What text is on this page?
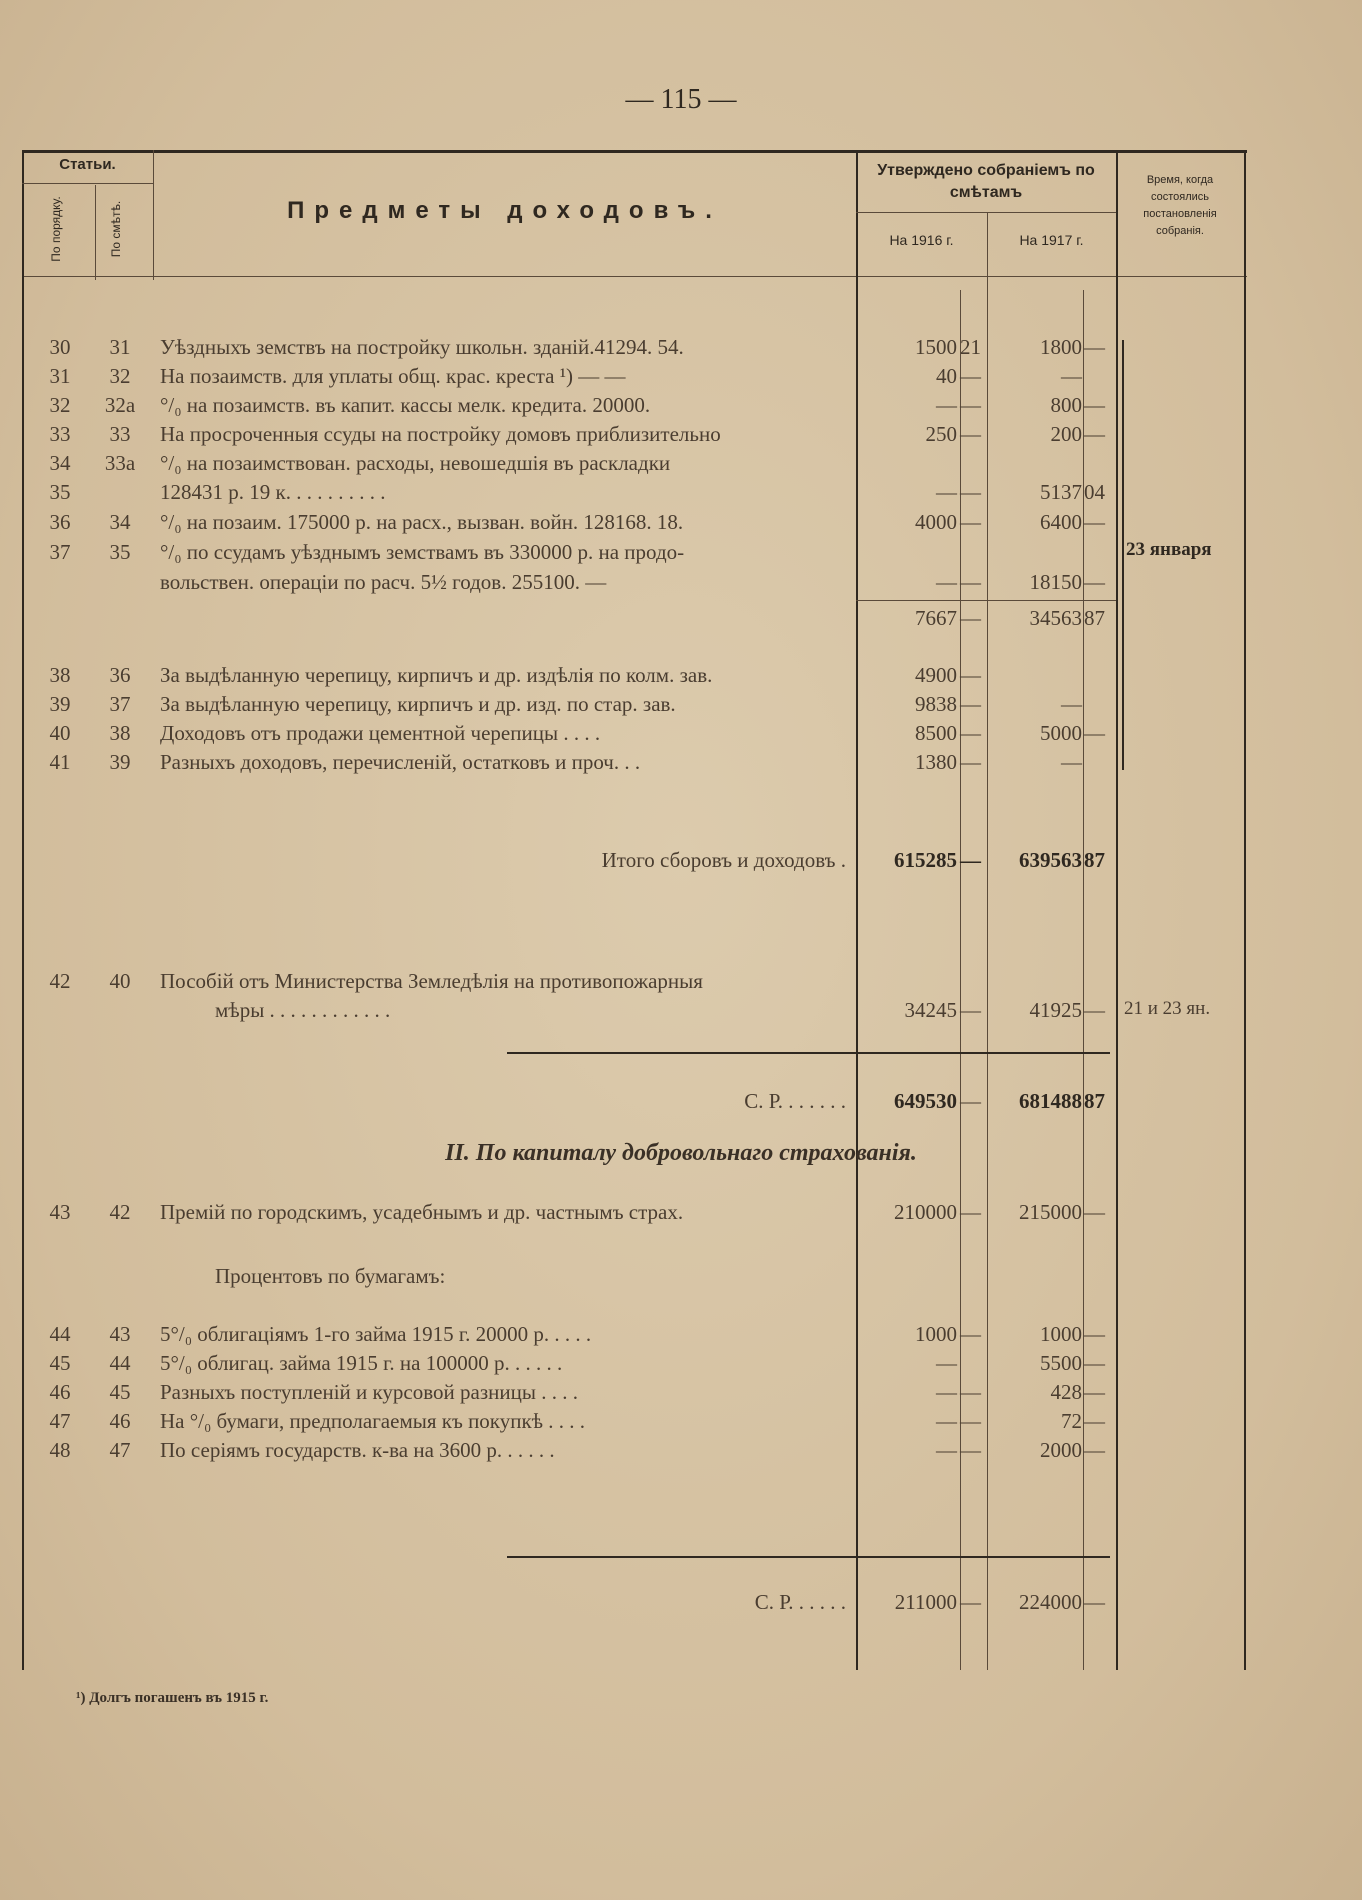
— 115 —
Статьи.
По порядку.	По смѣтѣ.	Предметы доходовъ.
Утверждено собраніемъ по смѣтамъ
На 1916 г.	На 1917 г.
Время, когда состоялись постановленія собранія.
30	31	Уѣздныхъ земствъ на постройку школьн. зданій.41294. 54.	1500 21	1800 —
31	32	На позаимств. для уплаты общ. крас. креста ¹) — —	40 —	—
32	32а	°/₀ на позаимств. въ капит. кассы мелк. кредита. 20000.	— —	800 —
33	33	На просроченныя ссуды на постройку домовъ приблизительно	250 —	200 —
34	33а	°/₀ на позаимствован. расходы, невошедшія въ раскладки
35	128431 р. 19 к. . . . . . . . . .	— —	5137 04
36	34	°/₀ на позаим. 175000 р. на расх., вызван. войн. 128168. 18.	4000 —	6400 —
37	35	°/₀ по ссудамъ уѣзднымъ земствамъ въ 330000 р. на продо-
вольствен. операціи по расч. 5½ годов. 255100. —	— —	18150 —
7667 —	34563 87
38	36	За выдѣланную черепицу, кирпичъ и др. издѣлія по колм. зав.	4900 —
39	37	За выдѣланную черепицу, кирпичъ и др. изд. по стар. зав.	9838 —	—
40	38	Доходовъ отъ продажи цементной черепицы . . . .	8500 —	5000 —
41	39	Разныхъ доходовъ, перечисленій, остатковъ и проч. . .	1380 —	—
23 января
Итого сборовъ и доходовъ .	615285 —	639563 87
42	40	Пособій отъ Министерства Земледѣлія на противопожарныя
мѣры . . . . . . . . . . . .	34245 —	41925 —	21 и 23 ян.
С. Р. . . . . . .	649530 —	681488 87
II. По капиталу добровольнаго страхованія.
43	42	Премій по городскимъ, усадебнымъ и др. частнымъ страх.	210000 —	215000 —
Процентовъ по бумагамъ:
44	43	5°/₀ облигаціямъ 1-го займа 1915 г. 20000 р. . . . .	1000 —	1000 —
45	44	5°/₀ облигац. займа 1915 г. на 100000 р. . . . . .	—	5500 —
46	45	Разныхъ поступленій и курсовой разницы . . . .	— —	428 —
47	46	На °/₀ бумаги, предполагаемыя къ покупкѣ . . . .	— —	72 —
48	47	По серіямъ государств. к-ва на 3600 р. . . . . .	— —	2000 —
С. Р. . . . . .	211000 —	224000 —
¹) Долгъ погашенъ въ 1915 г.
